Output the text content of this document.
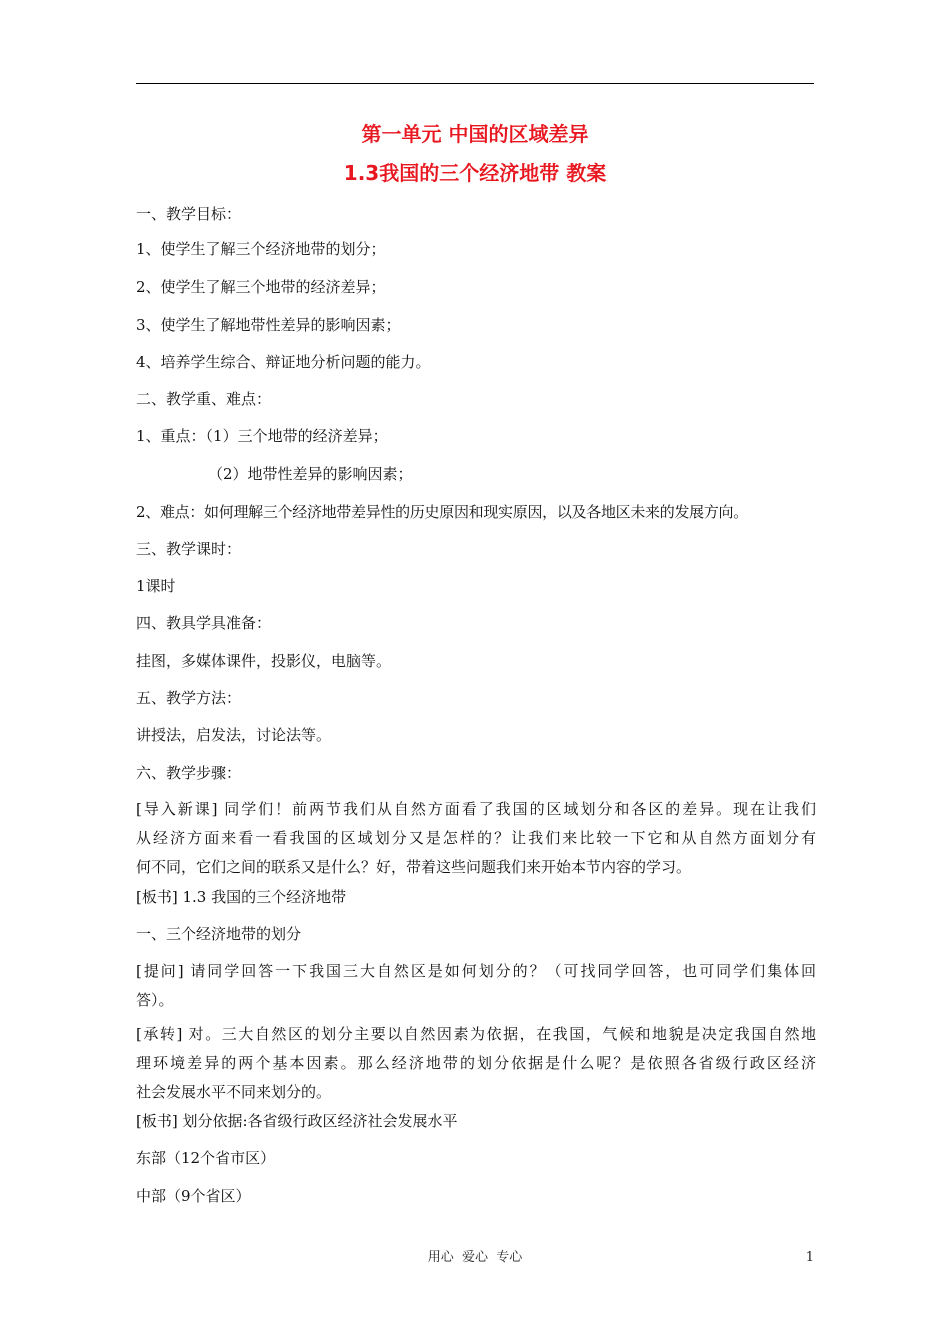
第一单元 中国的区域差异
1.3我国的三个经济地带 教案
一、教学目标：
1、使学生了解三个经济地带的划分；
2、使学生了解三个地带的经济差异；
3、使学生了解地带性差异的影响因素；
4、培养学生综合、辩证地分析问题的能力。
二、教学重、难点：
1、重点：（1）三个地带的经济差异；
（2）地带性差异的影响因素；
2、难点：如何理解三个经济地带差异性的历史原因和现实原因，以及各地区未来的发展方向。
三、教学课时：
1课时
四、教具学具准备：
挂图，多媒体课件，投影仪，电脑等。
五、教学方法：
讲授法，启发法，讨论法等。
六、教学步骤：
[导入新课] 同学们！前两节我们从自然方面看了我国的区域划分和各区的差异。现在让我们
从经济方面来看一看我国的区域划分又是怎样的？让我们来比较一下它和从自然方面划分有
何不同，它们之间的联系又是什么？好，带着这些问题我们来开始本节内容的学习。
[板书] 1.3 我国的三个经济地带
一、三个经济地带的划分
[提问] 请同学回答一下我国三大自然区是如何划分的？（可找同学回答，也可同学们集体回
答）。
[承转] 对。三大自然区的划分主要以自然因素为依据，在我国，气候和地貌是决定我国自然地
理环境差异的两个基本因素。那么经济地带的划分依据是什么呢？是依照各省级行政区经济
社会发展水平不同来划分的。
[板书] 划分依据:各省级行政区经济社会发展水平
东部（12个省市区）
中部（9个省区）
用心  爱心  专心	1
